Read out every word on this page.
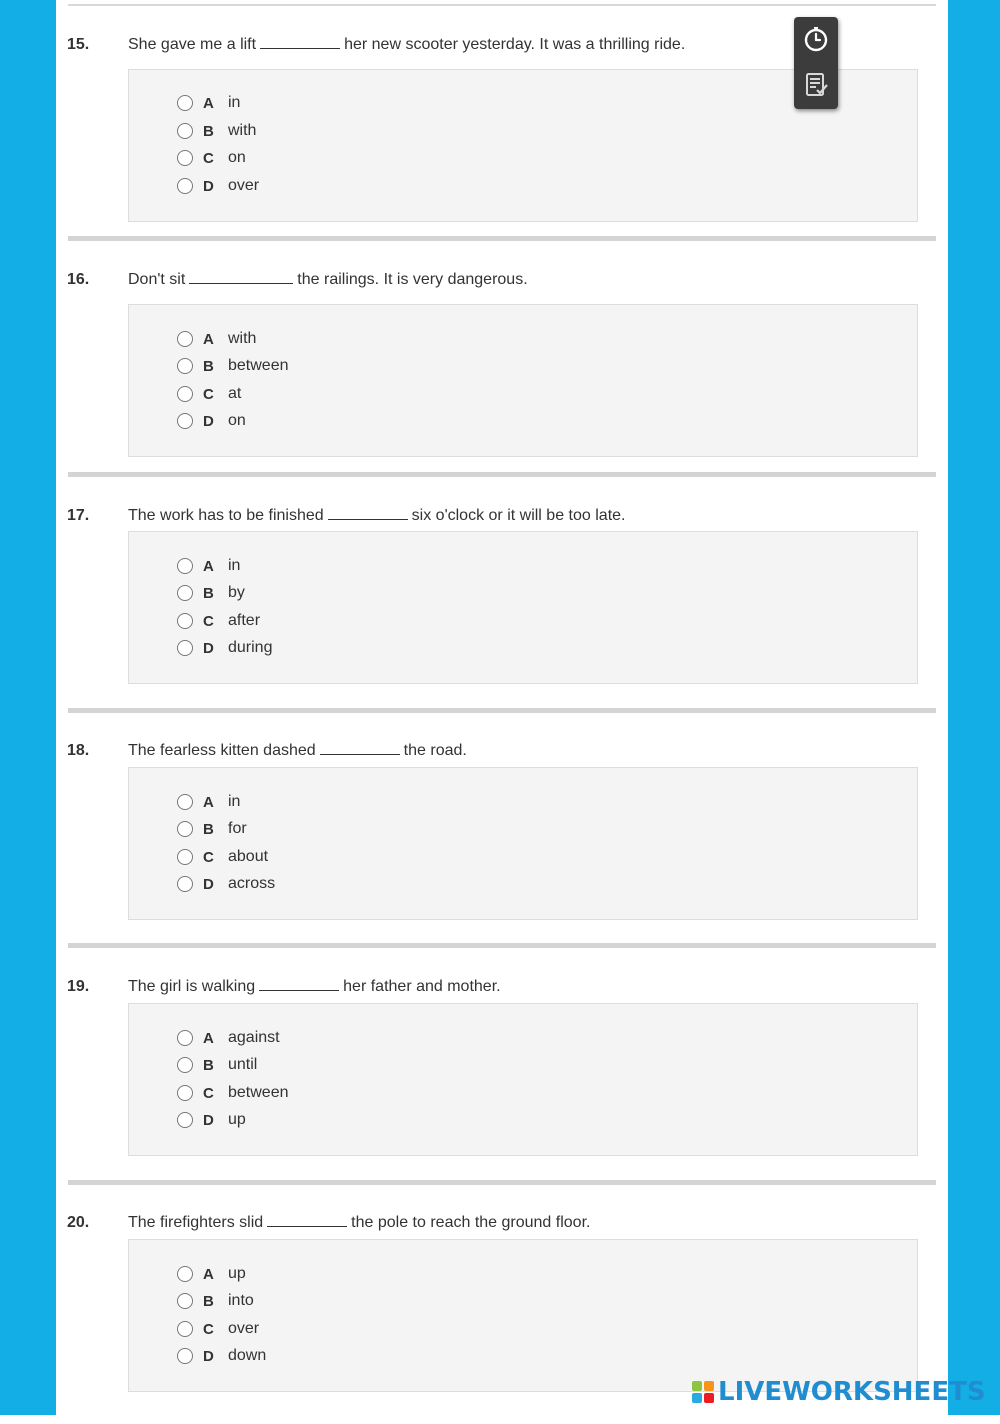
15. She gave me a lift	her new scooter yesterday. It was a thrilling ride.
A in
B with
C on
D over
16. Don't sit	the railings. It is very dangerous.
A with
B between
C at
D on
17. The work has to be finished	six o'clock or it will be too late.
A in
B by
C after
D during
18. The fearless kitten dashed	the road.
A in
B for
C about
D across
19. The girl is walking	her father and mother.
A against
B until
C between
D up
20. The firefighters slid	the pole to reach the ground floor.
A up
B into
C over
D down
LIVEWORKSHEETS
